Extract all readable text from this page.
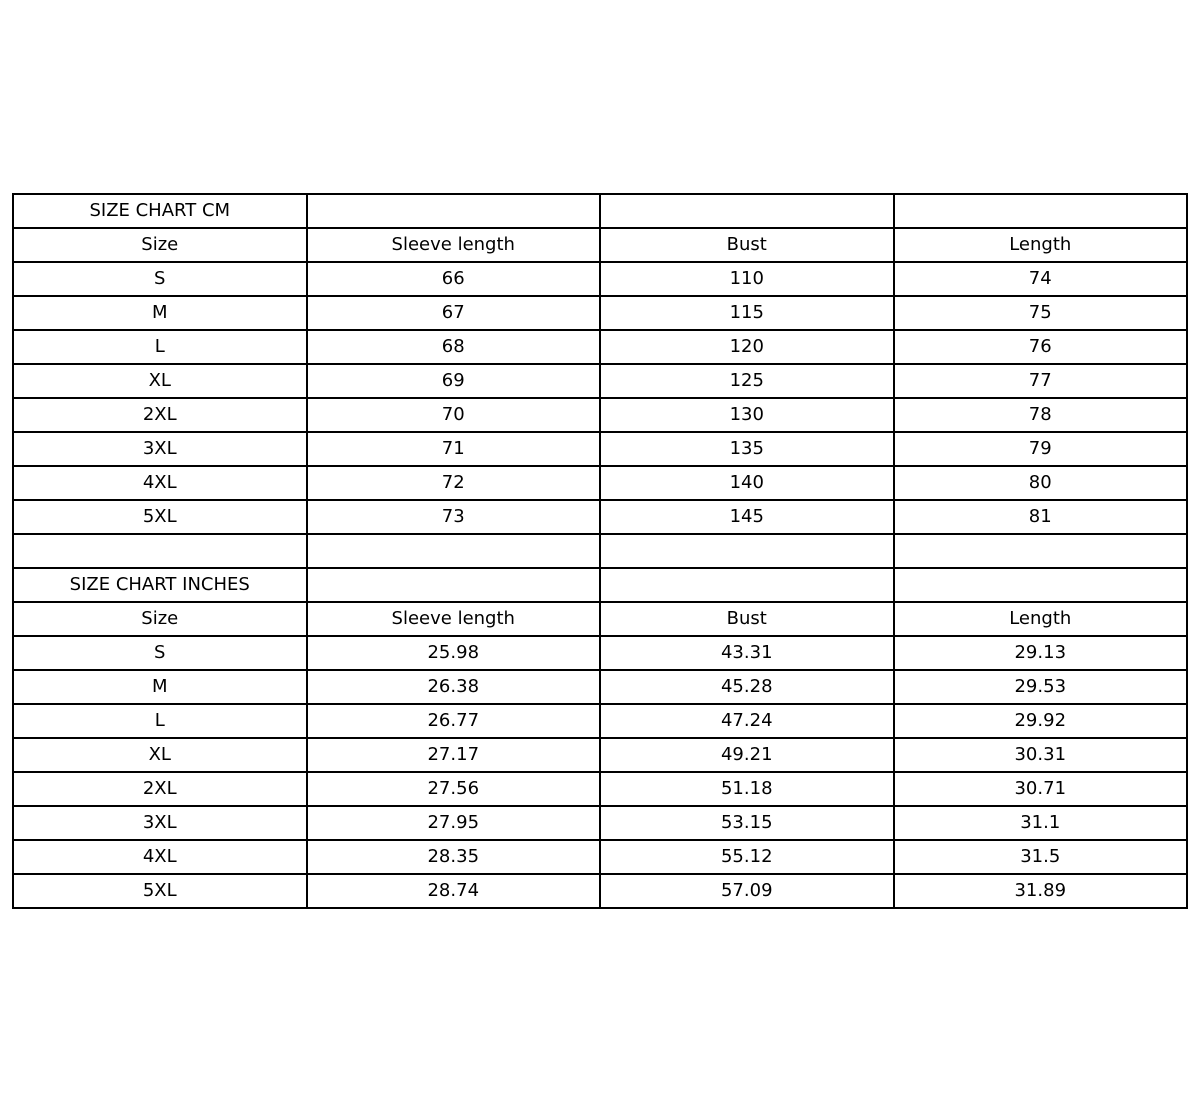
SIZE CHART CM			
Size	Sleeve length	Bust	Length
S	66	110	74
M	67	115	75
L	68	120	76
XL	69	125	77
2XL	70	130	78
3XL	71	135	79
4XL	72	140	80
5XL	73	145	81

SIZE CHART INCHES			
Size	Sleeve length	Bust	Length
S	25.98	43.31	29.13
M	26.38	45.28	29.53
L	26.77	47.24	29.92
XL	27.17	49.21	30.31
2XL	27.56	51.18	30.71
3XL	27.95	53.15	31.1
4XL	28.35	55.12	31.5
5XL	28.74	57.09	31.89
